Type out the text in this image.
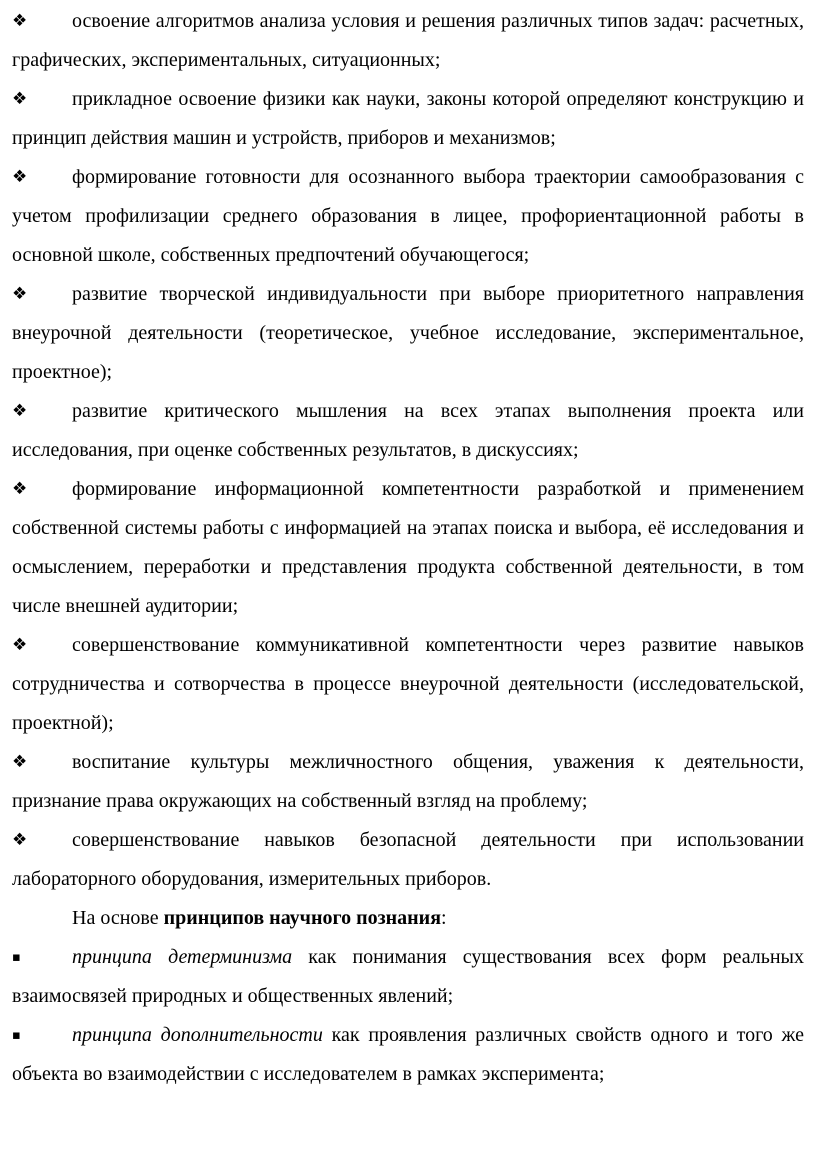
❖ освоение алгоритмов анализа условия и решения различных типов задач: расчетных, графических, экспериментальных, ситуационных;

❖ прикладное освоение физики как науки, законы которой определяют конструкцию и принцип действия машин и устройств, приборов и механизмов;

❖ формирование готовности для осознанного выбора траектории самообразования с учетом профилизации среднего образования в лицее, профориентационной работы в основной школе, собственных предпочтений обучающегося;

❖ развитие творческой индивидуальности при выборе приоритетного направления внеурочной деятельности (теоретическое, учебное исследование, экспериментальное, проектное);

❖ развитие критического мышления на всех этапах выполнения проекта или исследования, при оценке собственных результатов, в дискуссиях;

❖ формирование информационной компетентности разработкой и применением собственной системы работы с информацией на этапах поиска и выбора, её исследования и осмыслением, переработки и представления продукта собственной деятельности, в том числе внешней аудитории;

❖ совершенствование коммуникативной компетентности через развитие навыков сотрудничества и сотворчества в процессе внеурочной деятельности (исследовательской, проектной);

❖ воспитание культуры межличностного общения, уважения к деятельности, признание права окружающих на собственный взгляд на проблему;

❖ совершенствование навыков безопасной деятельности при использовании лабораторного оборудования, измерительных приборов.

На основе принципов научного познания:

▪	принципа детерминизма как понимания существования всех форм реальных взаимосвязей природных и общественных явлений;

▪	принципа дополнительности как проявления различных свойств одного и того же объекта во взаимодействии с исследователем в рамках эксперимента;
